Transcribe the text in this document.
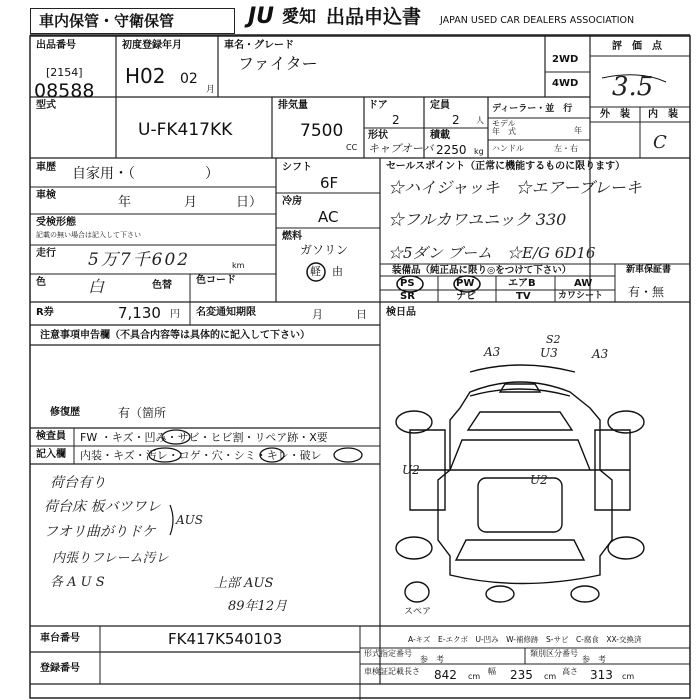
車内保管・守衛保管	JU 愛知 出品申込書 JAPAN USED CAR DEALERS ASSOCIATION
出品番号
[2154]
08588
初度登録年月
H02 02
月
車名・グレード
ファイター	2WD
4WD
評　価　点
3.5
外　装 内　装
C
型式
U-FK417KK
排気量
7500
CC
ドア
2
定員
2 人
形状
キャブオーバ
積載
2250 kg
ディーラー・並　行
モデル
年　式	年
ハンドル	左・右
車歴 自家用・（　　　　　）
車検	年	月	日）
受検形態
記載の無い場合は記入して下さい
走行 5万7千602	km
色	白	色替 色コード
シフト
6F
冷房
AC
燃料
ガソリン
軽 由
セールスポイント（正常に機能するものに限ります）
☆ハイジャッキ　☆エアーブレーキ
☆フルカワユニック 330
☆5ダン ブーム　☆E/G 6D16
装備品（純正品に限り◎をつけて下さい）
PS	PW	エアB	AW
SR	ナビ	TV	カワシート
新車保証書
有・無
R券	7,130 円 名変通知期限	月	日 検日品
注意事項申告欄（不具合内容等は具体的に記入して下さい）
修復歴	有（箇所
検査員
記入欄
FW ・キズ・凹み・サビ・ヒビ割・リペア跡・X要
内装・キズ・汚レ・コゲ・穴・シミ・キレ・破レ
荷台有り
荷台床 板バツワレ
AUS
フオリ曲がりドケ
内張りフレーム汚レ
各 A U S	上部 AUS
89年12月
A3	U3	A3
S2
U2
U2
スペア
A-キズ　E-エクボ　U-凹み　W-補修跡　S-サビ　C-腐食　XX-交換済
車台番号	FK417K540103
登録番号
形式指定番号
参　考
類別区分番号
参　考
車検証記載 長さ 842 cm
幅 235 cm
高さ 313 cm
